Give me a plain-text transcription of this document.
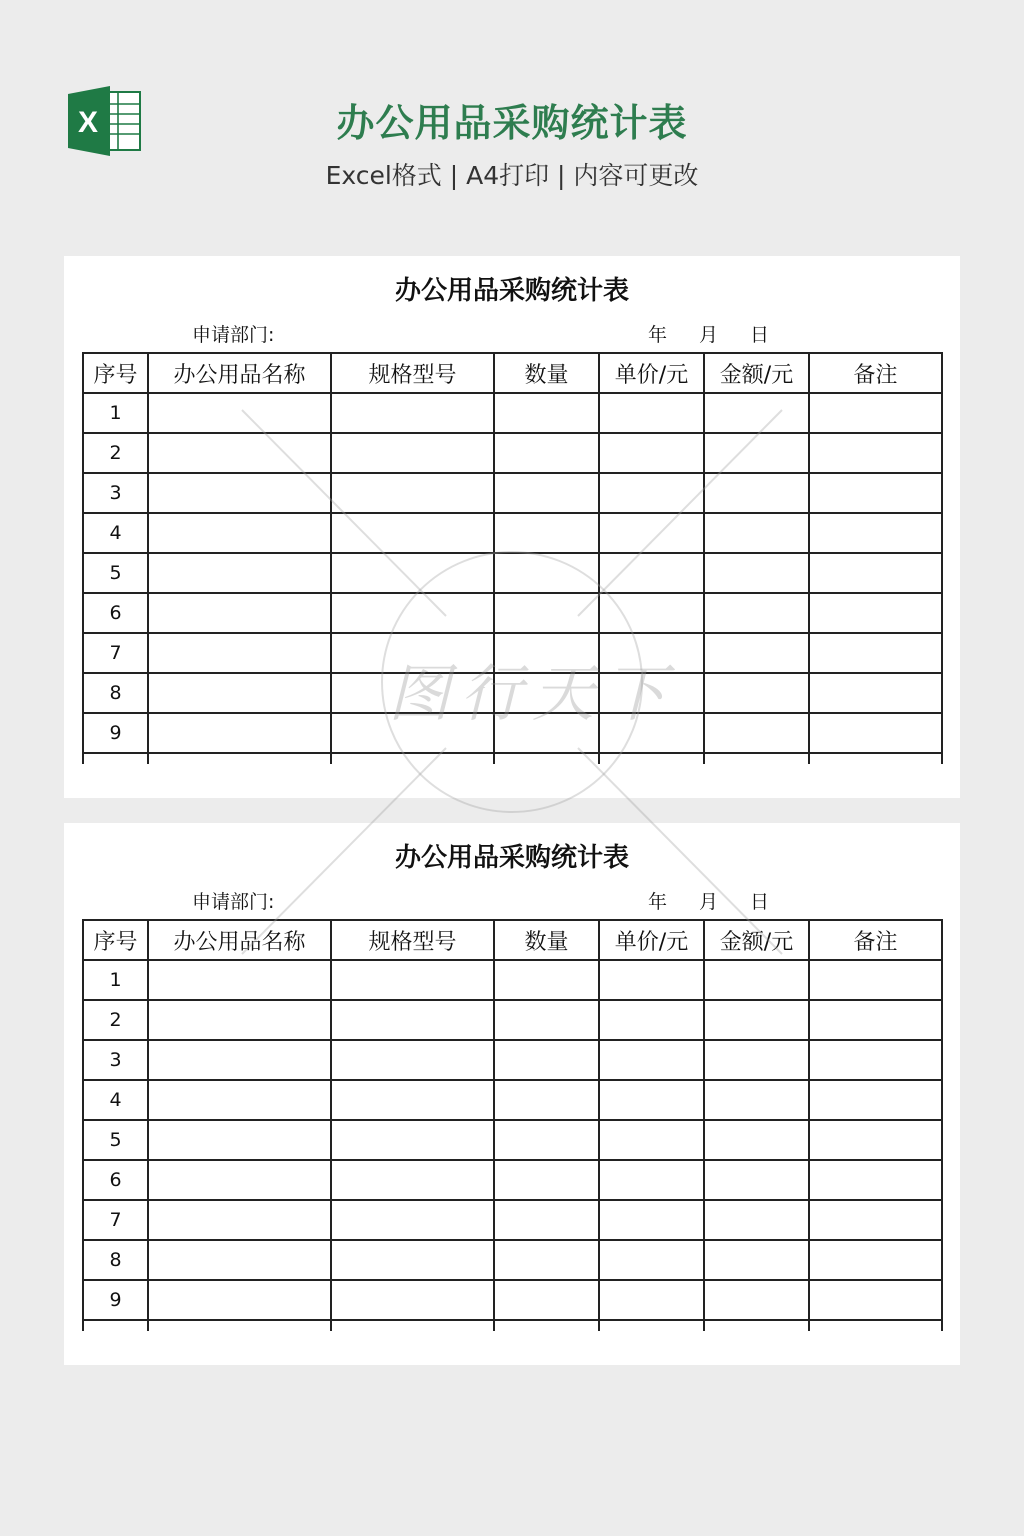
X	办公用品采购统计表
Excel格式 | A4打印 | 内容可更改
办公用品采购统计表
申请部门:	年 月 日
序号	办公用品名称	规格型号	数量	单价/元	金额/元	备注
1						
2						
3						
4						
5						
6						
7						
8						
9						

办公用品采购统计表
申请部门:	年 月 日
序号	办公用品名称	规格型号	数量	单价/元	金额/元	备注
1						
2						
3						
4						
5						
6						
7						
8						
9						

图行天下
